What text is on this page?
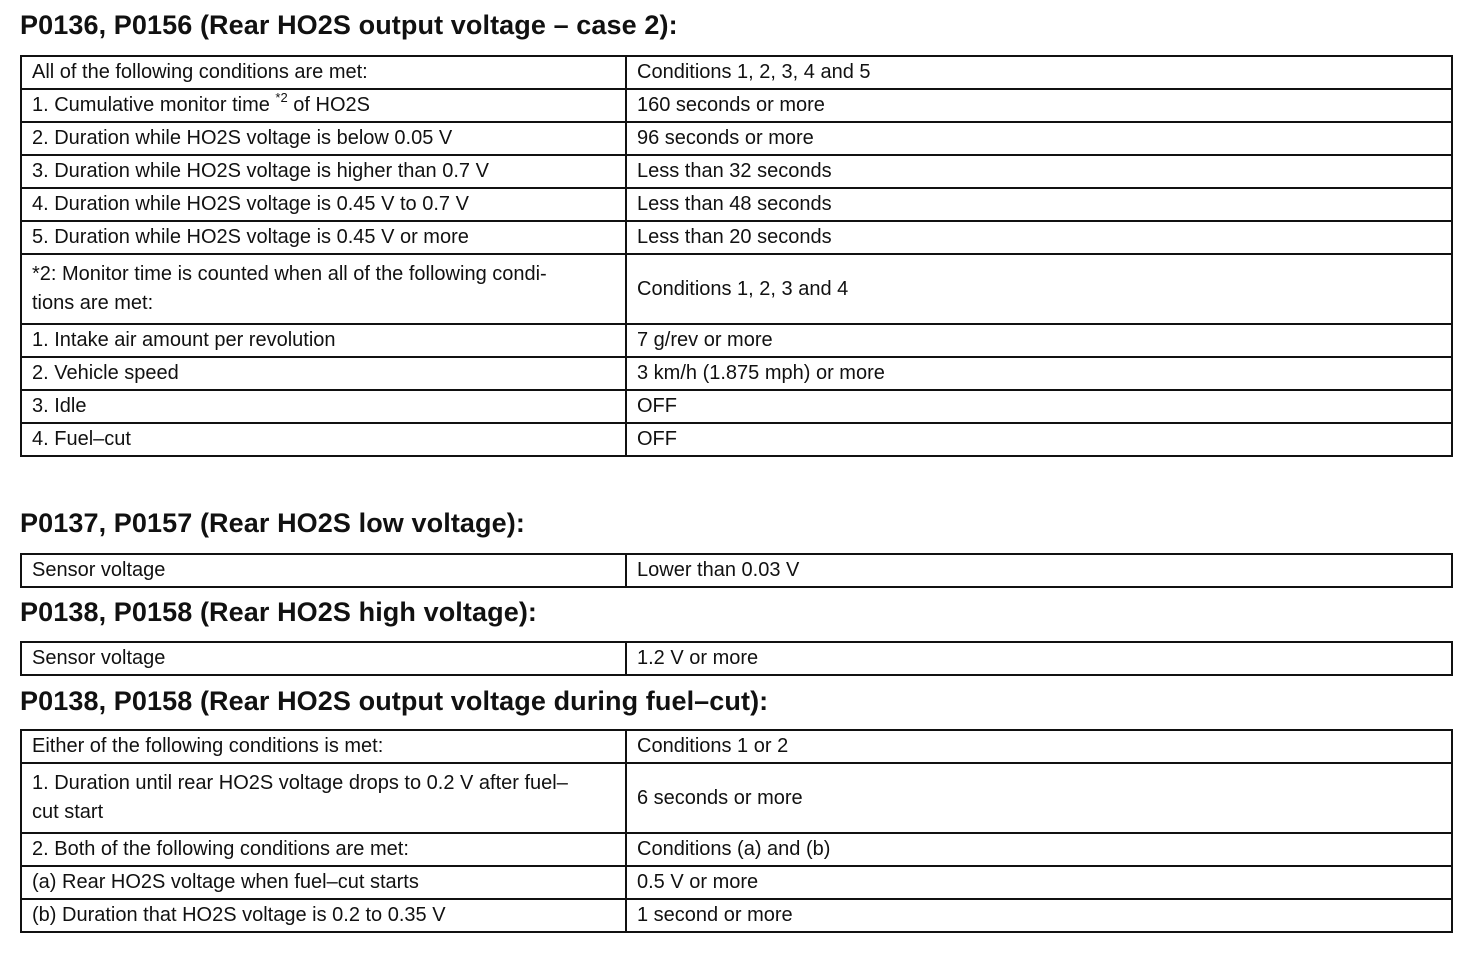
P0136, P0156 (Rear HO2S output voltage – case 2):
All of the following conditions are met:	Conditions 1, 2, 3, 4 and 5
1. Cumulative monitor time $^{*2}$ of HO2S	160 seconds or more
2. Duration while HO2S voltage is below 0.05 V	96 seconds or more
3. Duration while HO2S voltage is higher than 0.7 V	Less than 32 seconds
4. Duration while HO2S voltage is 0.45 V to 0.7 V	Less than 48 seconds
5. Duration while HO2S voltage is 0.45 V or more	Less than 20 seconds
*2: Monitor time is counted when all of the following condi-
tions are met:	Conditions 1, 2, 3 and 4
1. Intake air amount per revolution	7 g/rev or more
2. Vehicle speed	3 km/h (1.875 mph) or more
3. Idle	OFF
4. Fuel–cut	OFF
P0137, P0157 (Rear HO2S low voltage):
Sensor voltage	Lower than 0.03 V
P0138, P0158 (Rear HO2S high voltage):
Sensor voltage	1.2 V or more
P0138, P0158 (Rear HO2S output voltage during fuel–cut):
Either of the following conditions is met:	Conditions 1 or 2
1. Duration until rear HO2S voltage drops to 0.2 V after fuel–
cut start	6 seconds or more
2. Both of the following conditions are met:	Conditions (a) and (b)
(a) Rear HO2S voltage when fuel–cut starts	0.5 V or more
(b) Duration that HO2S voltage is 0.2 to 0.35 V	1 second or more
